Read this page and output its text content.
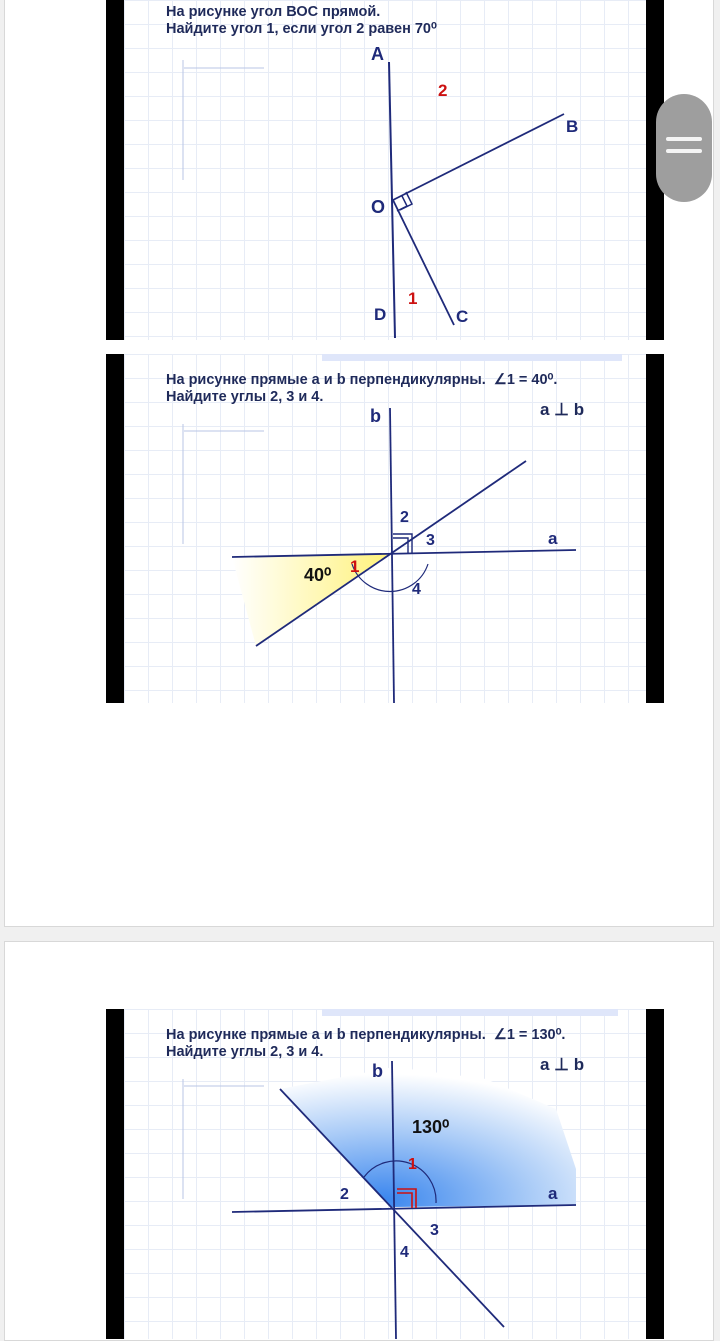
На рисунке угол ВОС прямой.
Найдите угол 1, если угол 2 равен 70⁰
A
B
O
D	C
2
1
На рисунке прямые a и b перпендикулярны.  ∠1 = 40⁰.
Найдите углы 2, 3 и 4.
b
a
2
3
4
40⁰ 1
a ⊥ b
На рисунке прямые a и b перпендикулярны.  ∠1 = 130⁰.
Найдите углы 2, 3 и 4.
b
a
130⁰
1
2
3
4
a ⊥ b
